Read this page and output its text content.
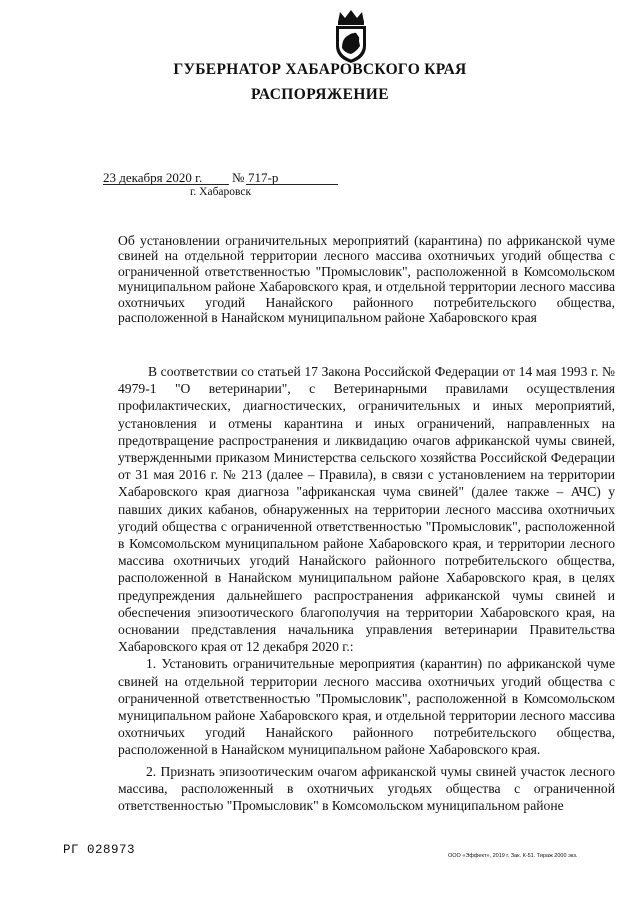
ГУБЕРНАТОР ХАБАРОВСКОГО КРАЯ
РАСПОРЯЖЕНИЕ
23 декабря 2020 г.	№ 717-р
г. Хабаровск
Об установлении ограничительных мероприятий (карантина) по африканской чуме свиней на отдельной территории лесного массива охотничьих угодий общества с ограниченной ответственностью "Промысловик", расположенной в Комсомольском муниципальном районе Хабаровского края, и отдельной территории лесного массива охотничьих угодий Нанайского районного потребительского общества, расположенной в Нанайском муниципальном районе Хабаровского края

В соответствии со статьей 17 Закона Российской Федерации от 14 мая 1993 г. № 4979-1 "О ветеринарии", с Ветеринарными правилами осуществления профилактических, диагностических, ограничительных и иных мероприятий, установления и отмены карантина и иных ограничений, направленных на предотвращение распространения и ликвидацию очагов африканской чумы свиней, утвержденными приказом Министерства сельского хозяйства Российской Федерации от 31 мая 2016 г. № 213 (далее – Правила), в связи с установлением на территории Хабаровского края диагноза "африканская чума свиней" (далее также – АЧС) у павших диких кабанов, обнаруженных на территории лесного массива охотничьих угодий общества с ограниченной ответственностью "Промысловик", расположенной в Комсомольском муниципальном районе Хабаровского края, и территории лесного массива охотничьих угодий Нанайского районного потребительского общества, расположенной в Нанайском муниципальном районе Хабаровского края, в целях предупреждения дальнейшего распространения африканской чумы свиней и обеспечения эпизоотического благополучия на территории Хабаровского края, на основании представления начальника управления ветеринарии Правительства Хабаровского края от 12 декабря 2020 г.:

1. Установить ограничительные мероприятия (карантин) по африканской чуме свиней на отдельной территории лесного массива охотничьих угодий общества с ограниченной ответственностью "Промысловик", расположенной в Комсомольском муниципальном районе Хабаровского края, и отдельной территории лесного массива охотничьих угодий Нанайского районного потребительского общества, расположенной в Нанайском муниципальном районе Хабаровского края.

2. Признать эпизоотическим очагом африканской чумы свиней участок лесного массива, расположенный в охотничьих угодьях общества с ограниченной ответственностью "Промысловик" в Комсомольском муниципальном районе

РГ 028973	ООО «Эффект», 2019 г. Зак. К-51. Тираж 2000 экз.
